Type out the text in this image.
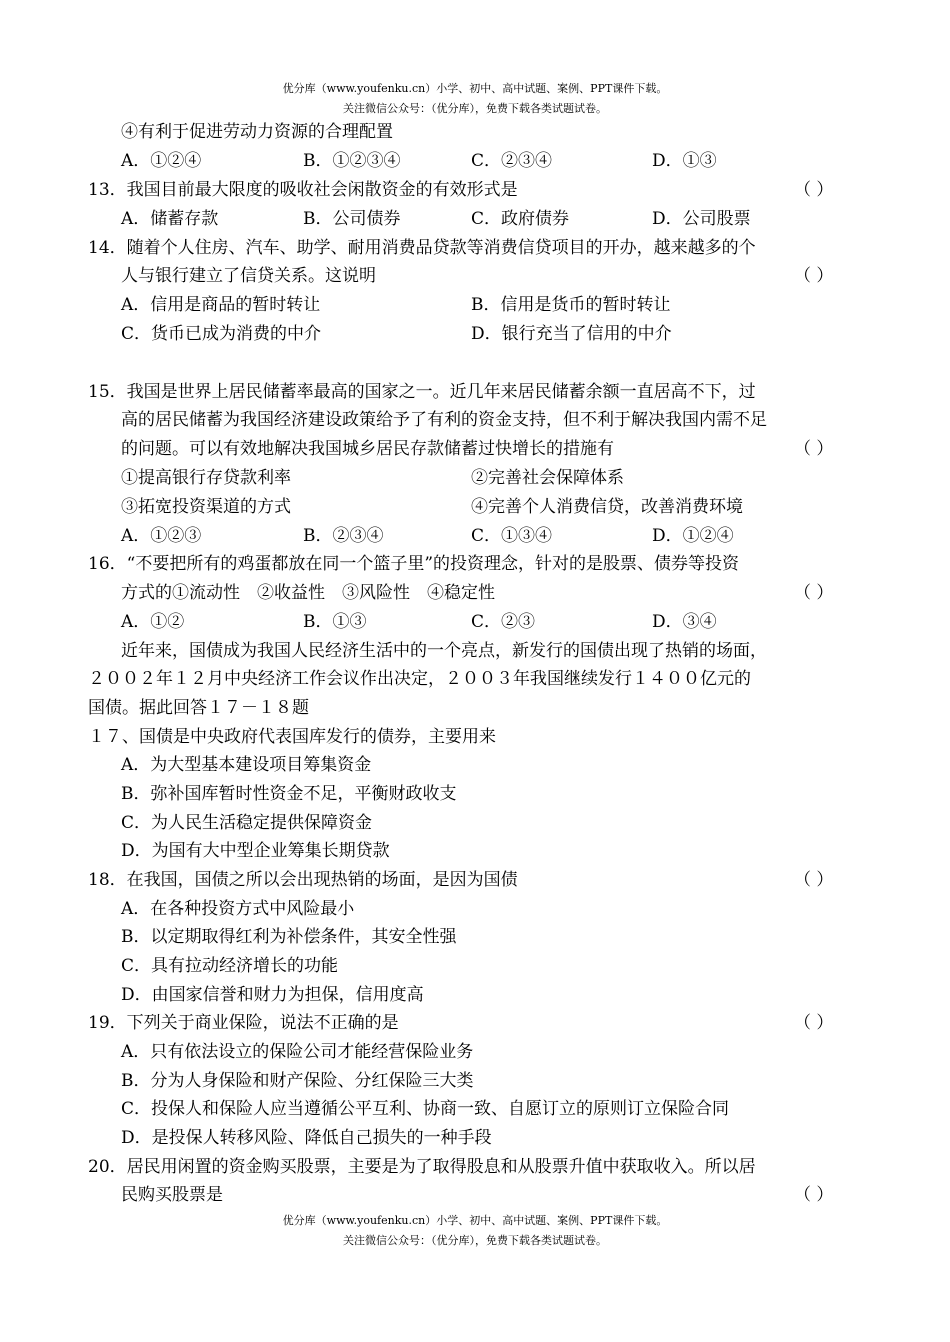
优分库（www.youfenku.cn）小学、初中、高中试题、案例、PPT课件下载。
关注微信公众号：（优分库），免费下载各类试题试卷。
④有利于促进劳动力资源的合理配置
A．①②④	B．①②③④	C．②③④	D．①③
13．我国目前最大限度的吸收社会闲散资金的有效形式是	（ ）
A．储蓄存款	B．公司债券	C．政府债券	D．公司股票
14．随着个人住房、汽车、助学、耐用消费品贷款等消费信贷项目的开办，越来越多的个
人与银行建立了信贷关系。这说明	（ ）
A．信用是商品的暂时转让	B．信用是货币的暂时转让
C．货币已成为消费的中介	D．银行充当了信用的中介
15．我国是世界上居民储蓄率最高的国家之一。近几年来居民储蓄余额一直居高不下，过
高的居民储蓄为我国经济建设政策给予了有利的资金支持，但不利于解决我国内需不足
的问题。可以有效地解决我国城乡居民存款储蓄过快增长的措施有	（ ）
①提高银行存贷款利率	②完善社会保障体系
③拓宽投资渠道的方式	④完善个人消费信贷，改善消费环境
A．①②③	B．②③④	C．①③④	D．①②④
16．“不要把所有的鸡蛋都放在同一个篮子里”的投资理念，针对的是股票、债券等投资
方式的①流动性　②收益性　③风险性　④稳定性	（ ）
A．①②	B．①③	C．②③	D．③④
近年来，国债成为我国人民经济生活中的一个亮点，新发行的国债出现了热销的场面，
２００２年１２月中央经济工作会议作出决定，２００３年我国继续发行１４００亿元的
国债。据此回答１７－１８题
１７、国债是中央政府代表国库发行的债券，主要用来
A．为大型基本建设项目筹集资金
B．弥补国库暂时性资金不足，平衡财政收支
C．为人民生活稳定提供保障资金
D．为国有大中型企业筹集长期贷款
18．在我国，国债之所以会出现热销的场面，是因为国债	（ ）
A．在各种投资方式中风险最小
B．以定期取得红利为补偿条件，其安全性强
C．具有拉动经济增长的功能
D．由国家信誉和财力为担保，信用度高
19．下列关于商业保险，说法不正确的是	（ ）
A．只有依法设立的保险公司才能经营保险业务
B．分为人身保险和财产保险、分红保险三大类
C．投保人和保险人应当遵循公平互利、协商一致、自愿订立的原则订立保险合同
D．是投保人转移风险、降低自己损失的一种手段
20．居民用闲置的资金购买股票，主要是为了取得股息和从股票升值中获取收入。所以居
民购买股票是	（ ）
优分库（www.youfenku.cn）小学、初中、高中试题、案例、PPT课件下载。
关注微信公众号：（优分库），免费下载各类试题试卷。
